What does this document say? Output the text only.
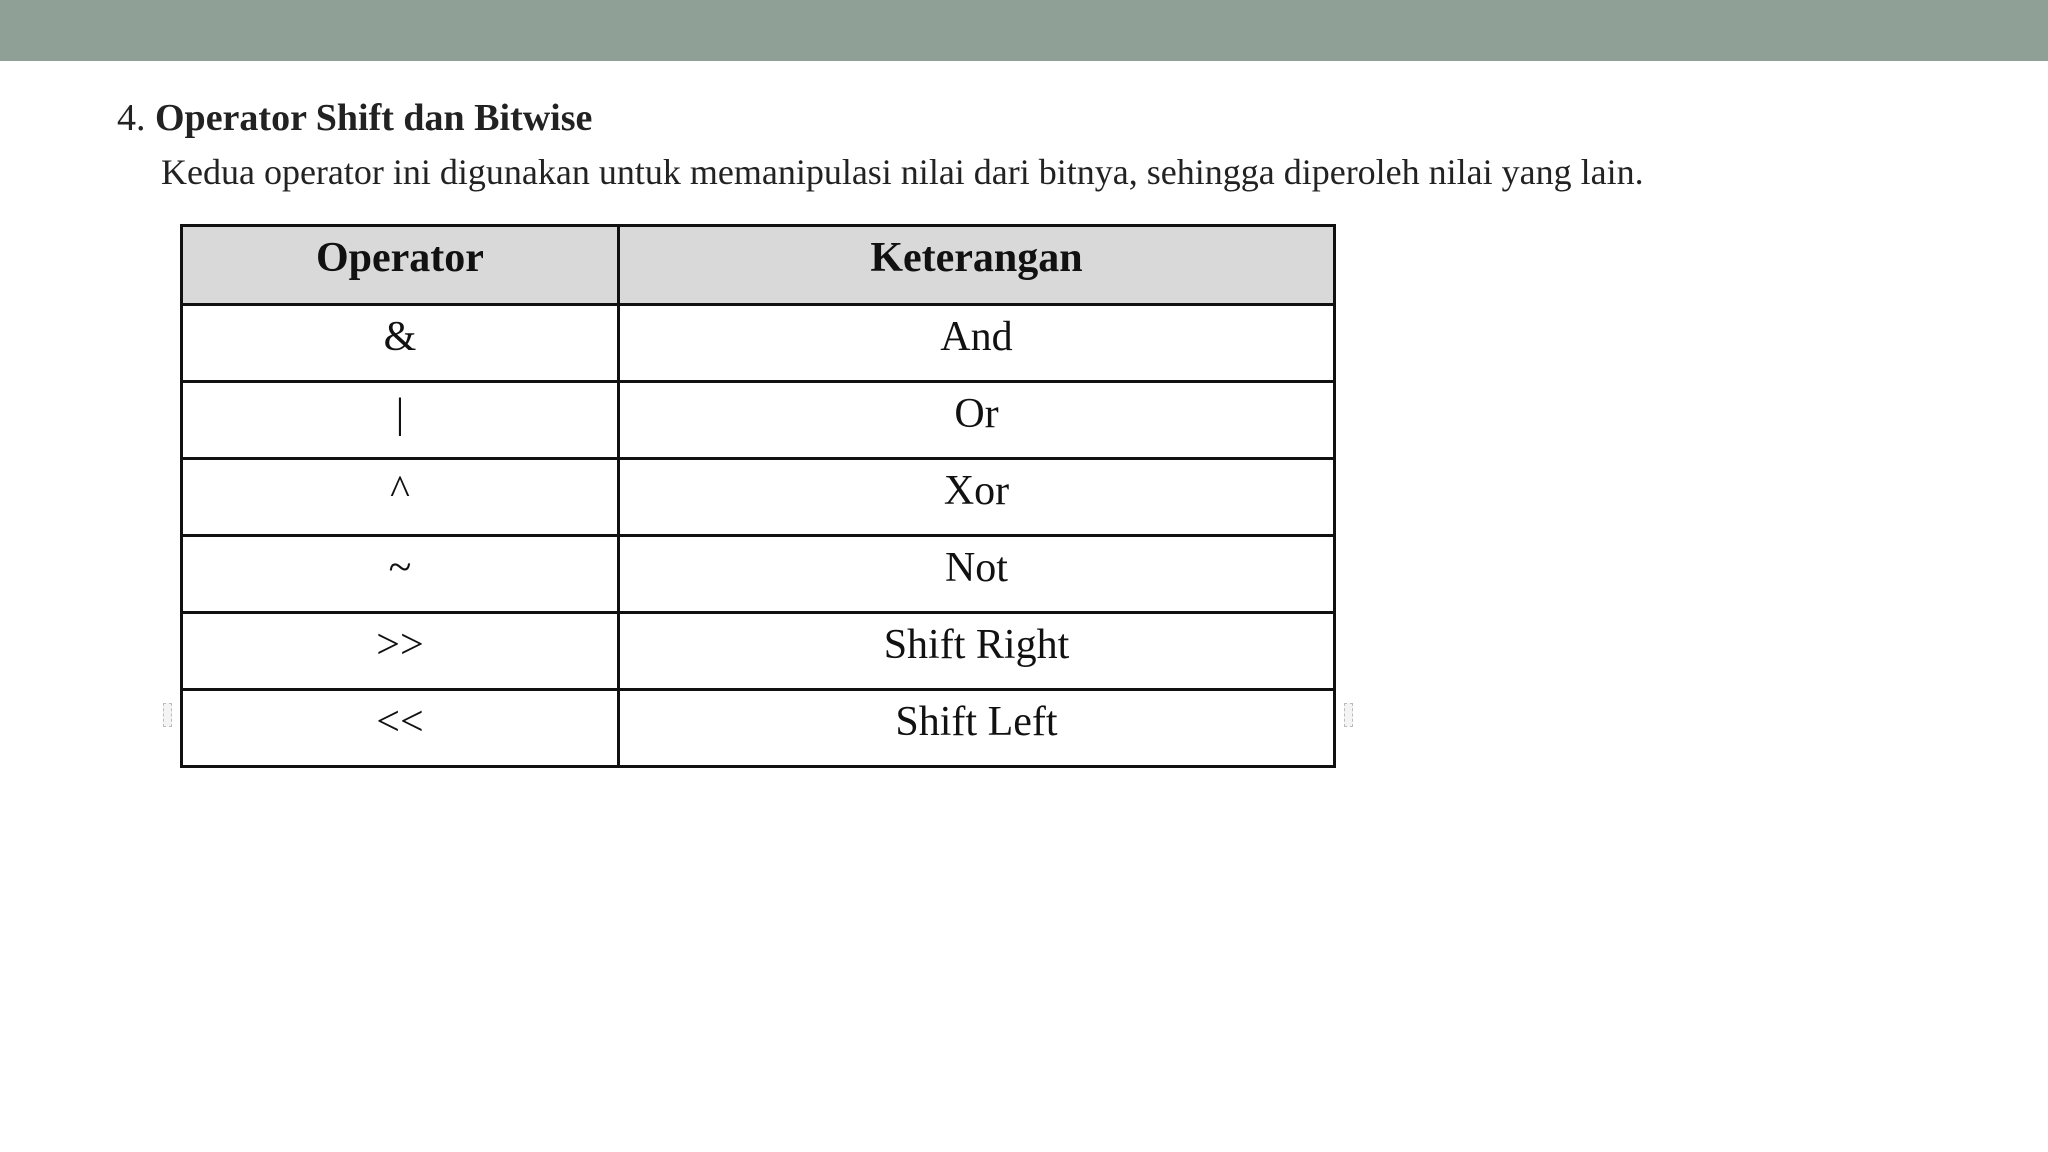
4. Operator Shift dan Bitwise
Kedua operator ini digunakan untuk memanipulasi nilai dari bitnya, sehingga diperoleh nilai yang lain.
Operator	Keterangan
&	And
|	Or
^	Xor
~	Not
>>	Shift Right
<<	Shift Left
